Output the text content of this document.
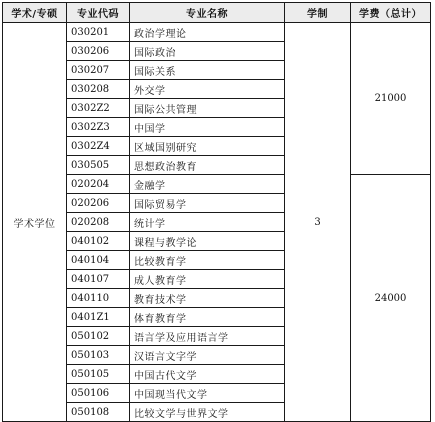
学术/专硕	专业代码	专业名称	学制	学费（总计）
学术学位	030201	政治学理论	3	21000
	030206	国际政治		
	030207	国际关系		
	030208	外交学		
	0302Z2	国际公共管理		
	0302Z3	中国学		
	0302Z4	区域国别研究		
	030505	思想政治教育		
	020204	金融学		24000
	020206	国际贸易学		
	020208	统计学		
	040102	课程与教学论		
	040104	比较教育学		
	040107	成人教育学		
	040110	教育技术学		
	0401Z1	体育教育学		
	050102	语言学及应用语言学		
	050103	汉语言文字学		
	050105	中国古代文学		
	050106	中国现当代文学		
	050108	比较文学与世界文学		
